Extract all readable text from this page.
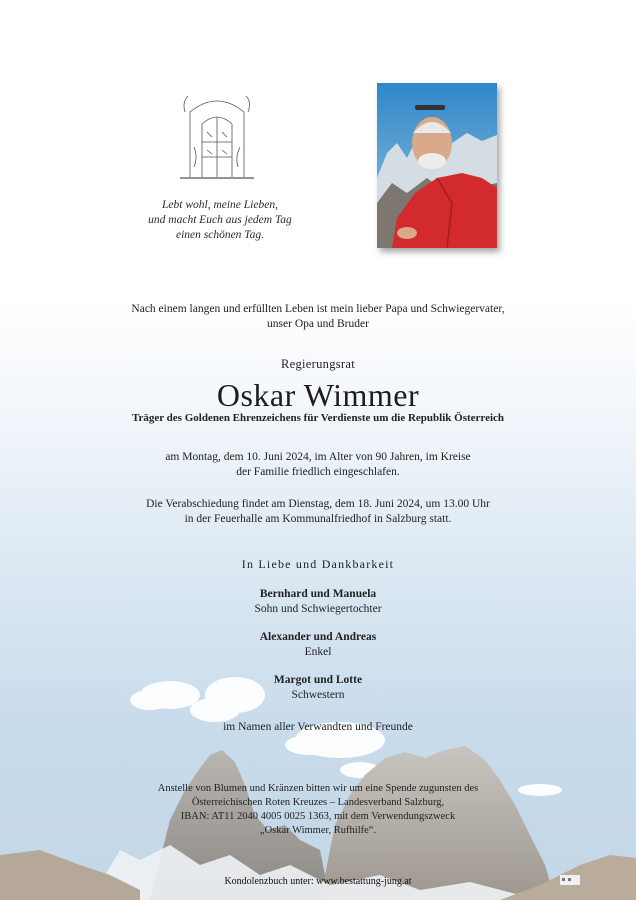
Lebt wohl, meine Lieben,
und macht Euch aus jedem Tag
einen schönen Tag.
Nach einem langen und erfüllten Leben ist mein lieber Papa und Schwiegervater,
unser Opa und Bruder
Regierungsrat
Oskar Wimmer
Träger des Goldenen Ehrenzeichens für Verdienste um die Republik Österreich
am Montag, dem 10. Juni 2024, im Alter von 90 Jahren, im Kreise
der Familie friedlich eingeschlafen.
Die Verabschiedung findet am Dienstag, dem 18. Juni 2024, um 13.00 Uhr
in der Feuerhalle am Kommunalfriedhof in Salzburg statt.
In Liebe und Dankbarkeit
Bernhard und Manuela
Sohn und Schwiegertochter
Alexander und Andreas
Enkel
Margot und Lotte
Schwestern
im Namen aller Verwandten und Freunde
Anstelle von Blumen und Kränzen bitten wir um eine Spende zugunsten des
Österreichischen Roten Kreuzes – Landesverband Salzburg,
IBAN: AT11 2040 4005 0025 1363, mit dem Verwendungszweck
„Oskar Wimmer, Rufhilfe“.
Kondolenzbuch unter: www.bestattung-jung.at
